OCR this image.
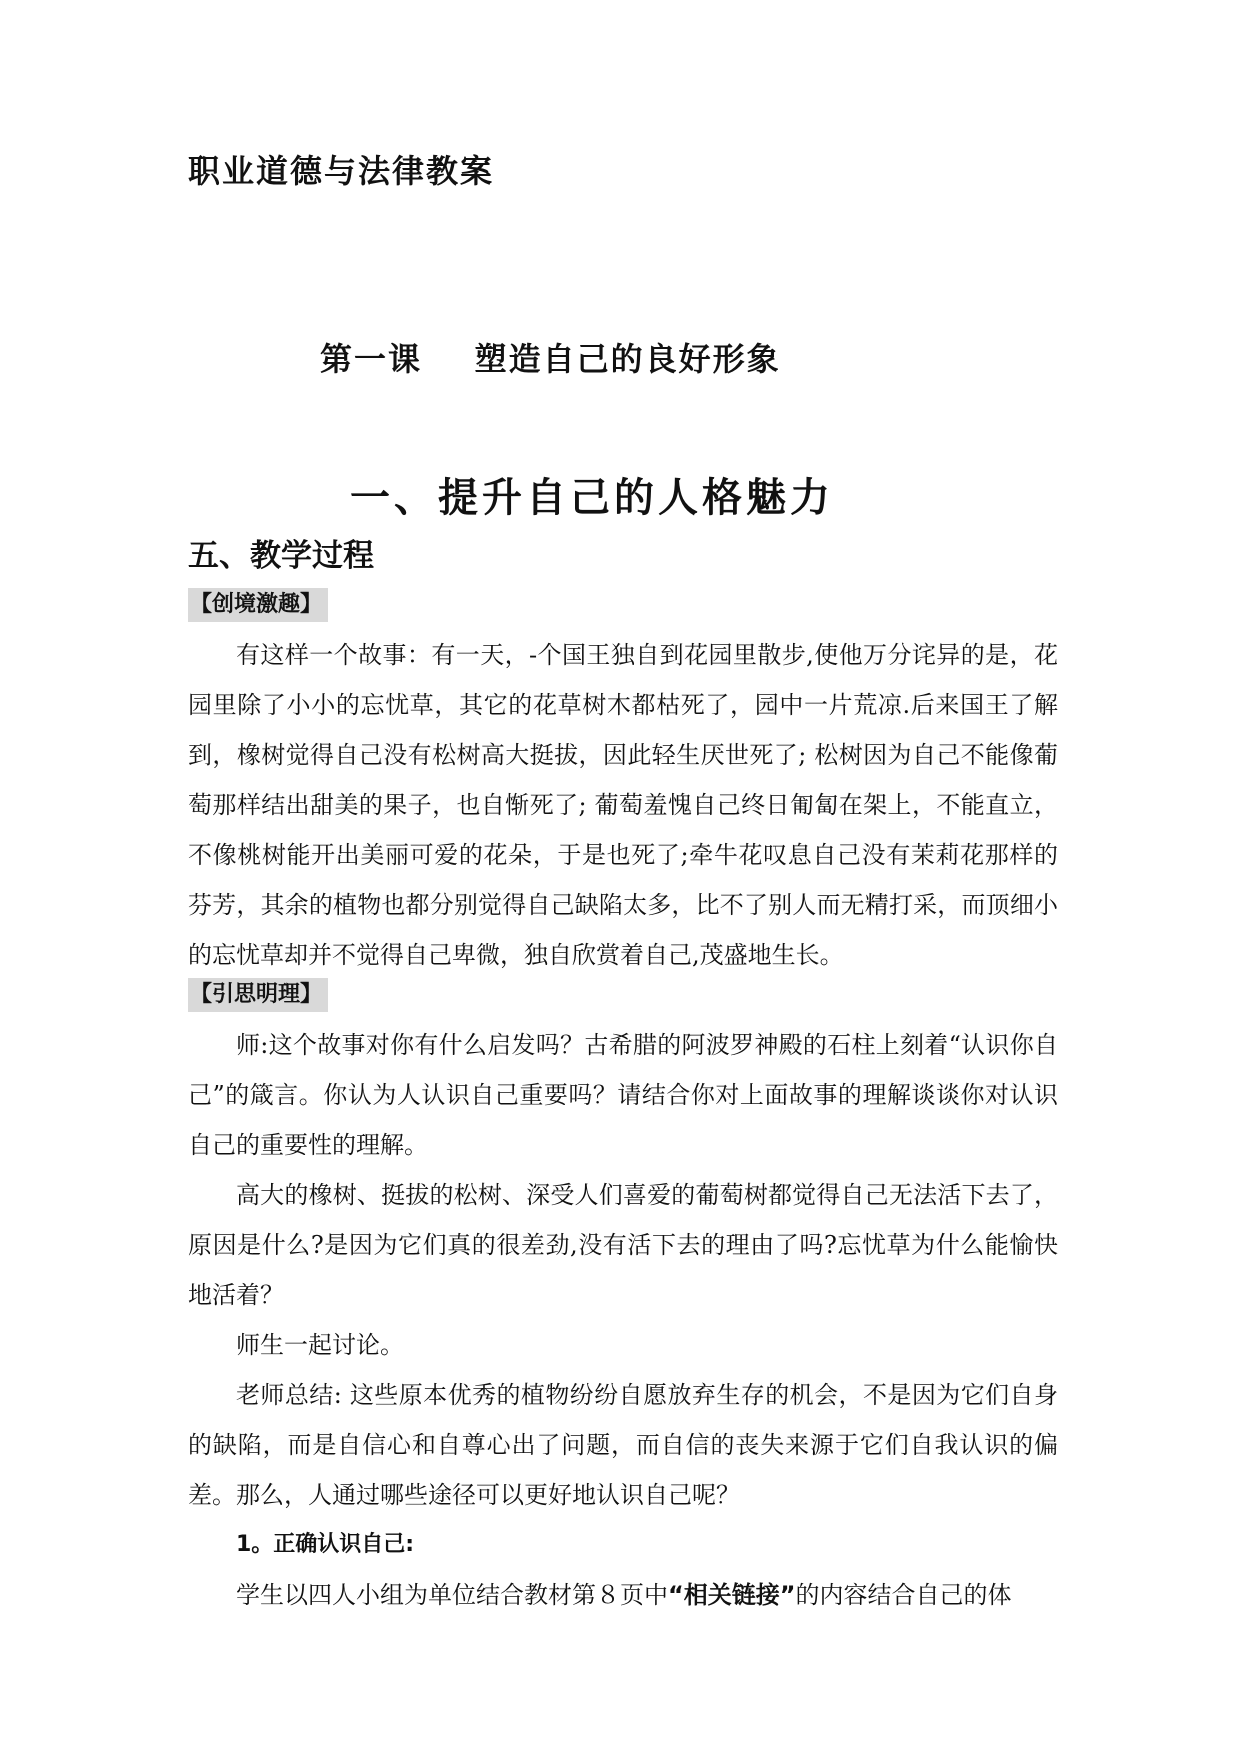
职业道德与法律教案
第一课    塑造自己的良好形象
一、提升自己的人格魅力
五、教学过程
【创境激趣】

有这样一个故事：有一天，-个国王独自到花园里散步,使他万分诧异的是，花园里除了小小的忘忧草，其它的花草树木都枯死了，园中一片荒凉.后来国王了解到，橡树觉得自己没有松树高大挺拔，因此轻生厌世死了; 松树因为自己不能像葡萄那样结出甜美的果子，也自惭死了; 葡萄羞愧自己终日匍匐在架上，不能直立，不像桃树能开出美丽可爱的花朵，于是也死了;牵牛花叹息自己没有茉莉花那样的芬芳，其余的植物也都分别觉得自己缺陷太多，比不了别人而无精打采，而顶细小的忘忧草却并不觉得自己卑微，独自欣赏着自己,茂盛地生长。

【引思明理】

师:这个故事对你有什么启发吗？古希腊的阿波罗神殿的石柱上刻着“认识你自己”的箴言。你认为人认识自己重要吗？请结合你对上面故事的理解谈谈你对认识自己的重要性的理解。

高大的橡树、挺拔的松树、深受人们喜爱的葡萄树都觉得自己无法活下去了，原因是什么?是因为它们真的很差劲,没有活下去的理由了吗?忘忧草为什么能愉快地活着？

师生一起讨论。

老师总结: 这些原本优秀的植物纷纷自愿放弃生存的机会，不是因为它们自身的缺陷，而是自信心和自尊心出了问题，而自信的丧失来源于它们自我认识的偏差。那么，人通过哪些途径可以更好地认识自己呢？

1。正确认识自己:

学生以四人小组为单位结合教材第８页中“相关链接”的内容结合自己的体
